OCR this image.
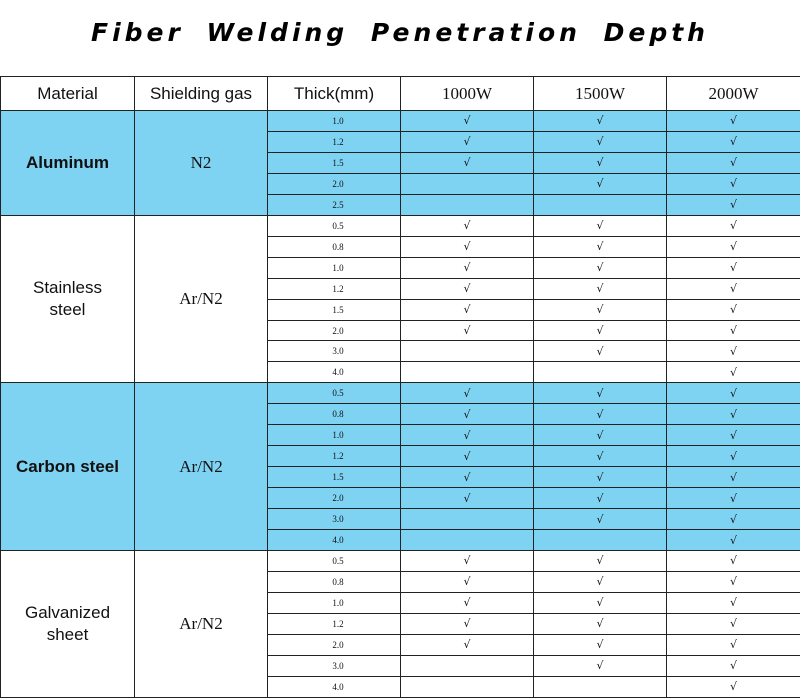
Fiber Welding Penetration Depth
Material	Shielding gas	Thick(mm)	1000W	1500W	2000W
Aluminum	N2	1.0	√	√	√
		1.2	√	√	√
		1.5	√	√	√
		2.0		√	√
		2.5			√
Stainless steel	Ar/N2	0.5	√	√	√
		0.8	√	√	√
		1.0	√	√	√
		1.2	√	√	√
		1.5	√	√	√
		2.0	√	√	√
		3.0		√	√
		4.0			√
Carbon steel	Ar/N2	0.5	√	√	√
		0.8	√	√	√
		1.0	√	√	√
		1.2	√	√	√
		1.5	√	√	√
		2.0	√	√	√
		3.0		√	√
		4.0			√
Galvanized sheet	Ar/N2	0.5	√	√	√
		0.8	√	√	√
		1.0	√	√	√
		1.2	√	√	√
		2.0	√	√	√
		3.0		√	√
		4.0			√
